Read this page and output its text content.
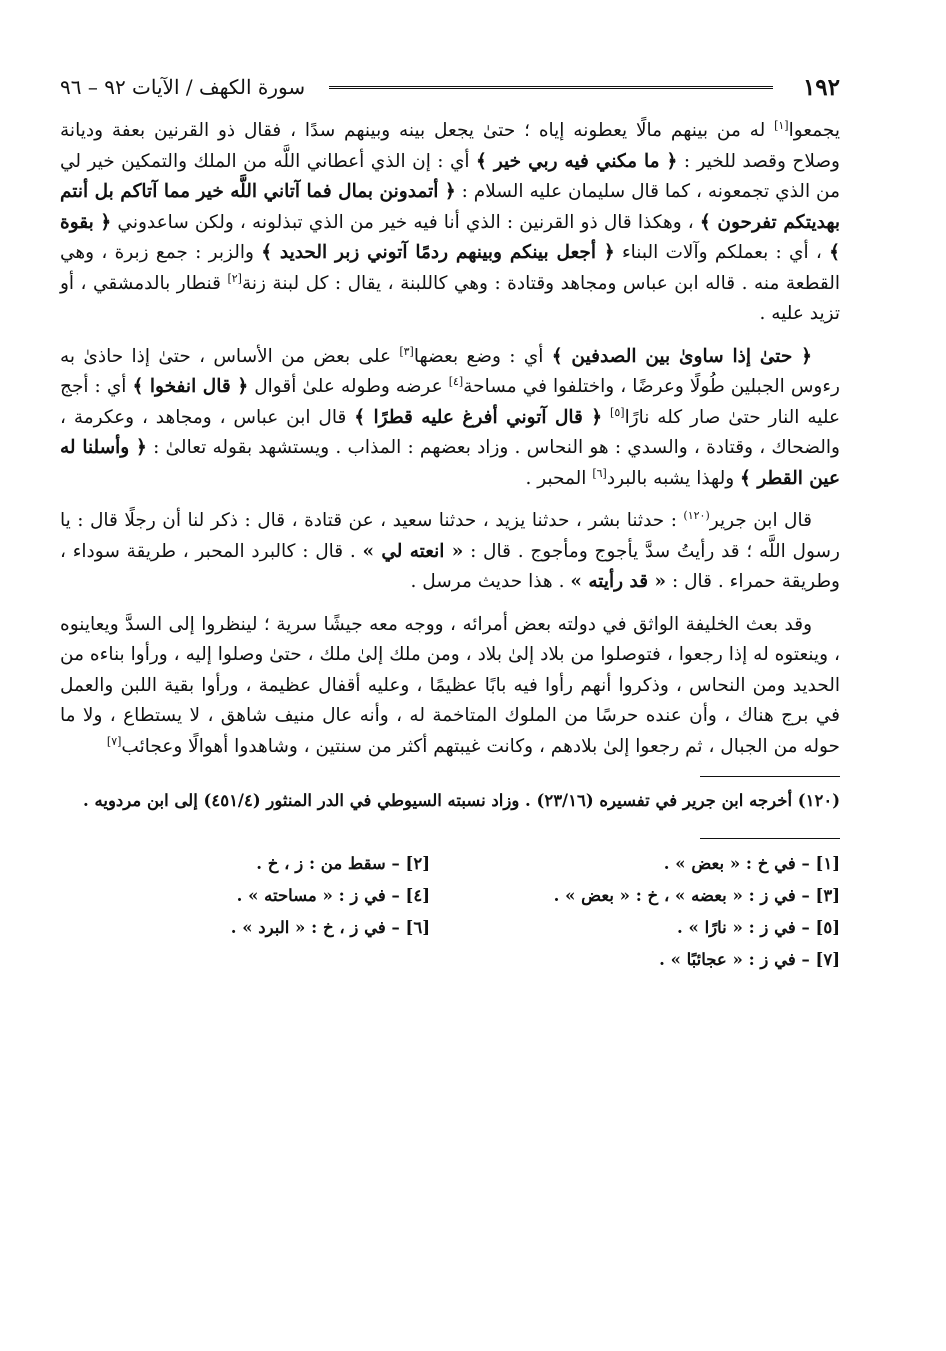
١٩٢
سورة الكهف / الآيات ٩٢ – ٩٦

يجمعوا[١] له من بينهم مالًا يعطونه إياه ؛ حتىٰ يجعل بينه وبينهم سدًا ، فقال ذو القرنين بعفة وديانة وصلاح وقصد للخير : ﴿ ما مكني فيه ربي خير ﴾ أي : إن الذي أعطاني اللَّه من الملك والتمكين خير لي من الذي تجمعونه ، كما قال سليمان عليه السلام : ﴿ أتمدونن بمال فما آتاني اللَّه خير مما آتاكم بل أنتم بهديتكم تفرحون ﴾ ، وهكذا قال ذو القرنين : الذي أنا فيه خير من الذي تبذلونه ، ولكن ساعدوني ﴿ بقوة ﴾ ، أي : بعملكم وآلات البناء ﴿ أجعل بينكم وبينهم ردمًا آتوني زبر الحديد ﴾ والزبر : جمع زبرة ، وهي القطعة منه . قاله ابن عباس ومجاهد وقتادة : وهي كاللبنة ، يقال : كل لبنة زنة[٢] قنطار بالدمشقي ، أو تزيد عليه .

﴿ حتىٰ إذا ساوىٰ بين الصدفين ﴾ أي : وضع بعضها[٣] على بعض من الأساس ، حتىٰ إذا حاذىٰ به رءوس الجبلين طُولًا وعرضًا ، واختلفوا في مساحة[٤] عرضه وطوله علىٰ أقوال ﴿ قال انفخوا ﴾ أي : أجج عليه النار حتىٰ صار كله نارًا[٥] ﴿ قال آتوني أفرغ عليه قطرًا ﴾ قال ابن عباس ، ومجاهد ، وعكرمة ، والضحاك ، وقتادة ، والسدي : هو النحاس . وزاد بعضهم : المذاب . ويستشهد بقوله تعالىٰ : ﴿ وأسلنا له عين القطر ﴾ ولهذا يشبه بالبرد[٦] المحبر .

قال ابن جرير$^{(١٢٠)}$ : حدثنا بشر ، حدثنا يزيد ، حدثنا سعيد ، عن قتادة ، قال : ذكر لنا أن رجلًا قال : يا رسول اللَّه ؛ قد رأيتُ سدَّ يأجوج ومأجوج . قال : « انعته لي » . قال : كالبرد المحبر ، طريقة سوداء ، وطريقة حمراء . قال : « قد رأيته » . هذا حديث مرسل .

وقد بعث الخليفة الواثق في دولته بعض أمرائه ، ووجه معه جيشًا سرية ؛ لينظروا إلى السدَّ ويعاينوه ، وينعتوه له إذا رجعوا ، فتوصلوا من بلاد إلىٰ بلاد ، ومن ملك إلىٰ ملك ، حتىٰ وصلوا إليه ، ورأوا بناءه من الحديد ومن النحاس ، وذكروا أنهم رأوا فيه بابًا عظيمًا ، وعليه أقفال عظيمة ، ورأوا بقية اللبن والعمل في برج هناك ، وأن عنده حرسًا من الملوك المتاخمة له ، وأنه عال منيف شاهق ، لا يستطاع ، ولا ما حوله من الجبال ، ثم رجعوا إلىٰ بلادهم ، وكانت غيبتهم أكثر من سنتين ، وشاهدوا أهوالًا وعجائب[٧]

(١٢٠) أخرجه ابن جرير في تفسيره (٢٣/١٦) . وزاد نسبته السيوطي في الدر المنثور (٤٥١/٤) إلى ابن مردويه .

[١] – في خ : « بعض » .
[٢] – سقط من : ز ، خ .
[٣] – في ز : « بعضه » ، خ : « بعض » .
[٤] – في ز : « مساحته » .
[٥] – في ز : « نارًا » .
[٦] – في ز ، خ : « البرد » .
[٧] – في ز : « عجائبًا » .
